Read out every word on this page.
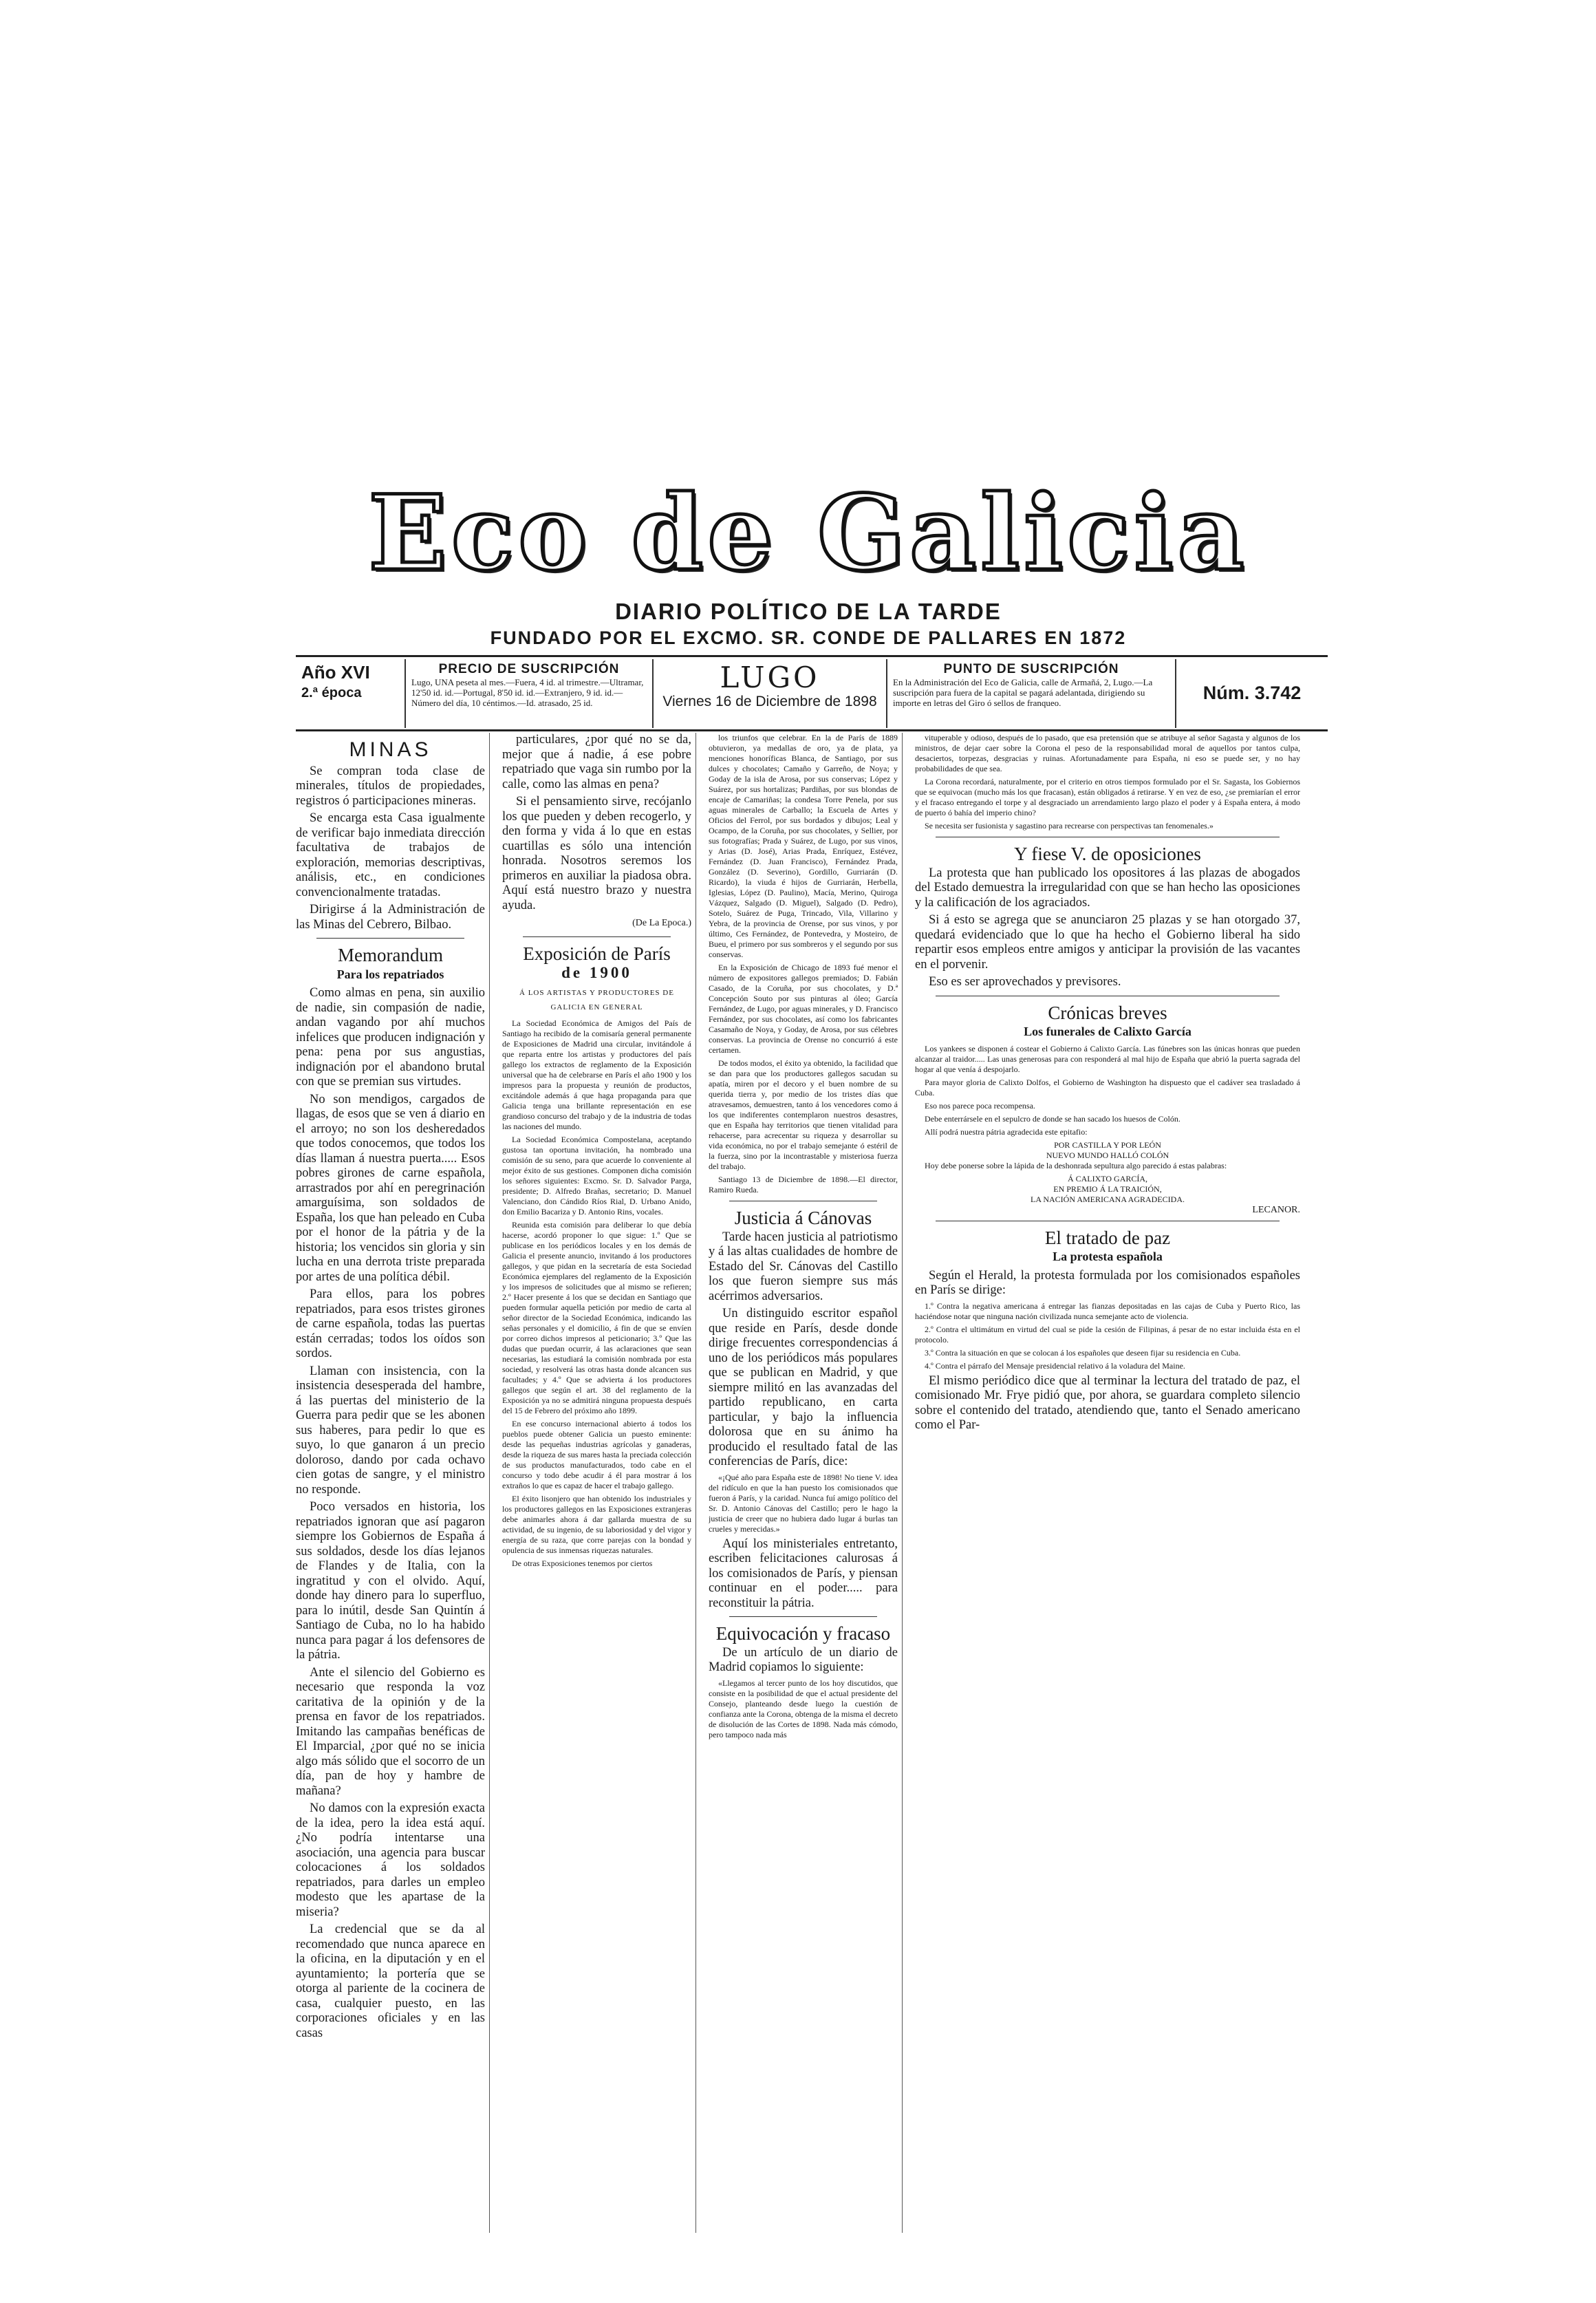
Eco de Galicia
DIARIO POLÍTICO DE LA TARDE
FUNDADO POR EL EXCMO. SR. CONDE DE PALLARES EN 1872
Año XVI
2.ª época
PRECIO DE SUSCRIPCIÓN
Lugo, UNA peseta al mes.—Fuera, 4 id. al trimestre.—Ultramar, 12'50 id. id.—Portugal, 8'50 id. id.—Extranjero, 9 id. id.—Número del día, 10 céntimos.—Id. atrasado, 25 id.
LUGO
Viernes 16 de Diciembre de 1898
PUNTO DE SUSCRIPCIÓN
En la Administración del Eco de Galicia, calle de Armañá, 2, Lugo.—La suscripción para fuera de la capital se pagará adelantada, dirigiendo su importe en letras del Giro ó sellos de franqueo.	Núm. 3.742
MINAS

Se compran toda clase de minerales, títulos de propiedades, registros ó participaciones mineras.

Se encarga esta Casa igualmente de verificar bajo inmediata dirección facultativa de trabajos de exploración, memorias descriptivas, análisis, etc., en condiciones convencionalmente tratadas.

Dirigirse á la Administración de las Minas del Cebrero, Bilbao.

Memorandum
Para los repatriados

Como almas en pena, sin auxilio de nadie, sin compasión de nadie, andan vagando por ahí muchos infelices que producen indignación y pena: pena por sus angustias, indignación por el abandono brutal con que se premian sus virtudes.

No son mendigos, cargados de llagas, de esos que se ven á diario en el arroyo; no son los desheredados que todos conocemos, que todos los días llaman á nuestra puerta..... Esos pobres girones de carne española, arrastrados por ahí en peregrinación amarguísima, son soldados de España, los que han peleado en Cuba por el honor de la pátria y de la historia; los vencidos sin gloria y sin lucha en una derrota triste preparada por artes de una política débil.

Para ellos, para los pobres repatriados, para esos tristes girones de carne española, todas las puertas están cerradas; todos los oídos son sordos.

Llaman con insistencia, con la insistencia desesperada del hambre, á las puertas del ministerio de la Guerra para pedir que se les abonen sus haberes, para pedir lo que es suyo, lo que ganaron á un precio doloroso, dando por cada ochavo cien gotas de sangre, y el ministro no responde.

Poco versados en historia, los repatriados ignoran que así pagaron siempre los Gobiernos de España á sus soldados, desde los días lejanos de Flandes y de Italia, con la ingratitud y con el olvido. Aquí, donde hay dinero para lo superfluo, para lo inútil, desde San Quintín á Santiago de Cuba, no lo ha habido nunca para pagar á los defensores de la pátria.

Ante el silencio del Gobierno es necesario que responda la voz caritativa de la opinión y de la prensa en favor de los repatriados. Imitando las campañas benéficas de El Imparcial, ¿por qué no se inicia algo más sólido que el socorro de un día, pan de hoy y hambre de mañana?

No damos con la expresión exacta de la idea, pero la idea está aquí. ¿No podría intentarse una asociación, una agencia para buscar colocaciones á los soldados repatriados, para darles un empleo modesto que les apartase de la miseria?

La credencial que se da al recomendado que nunca aparece en la oficina, en la diputación y en el ayuntamiento; la portería que se otorga al pariente de la cocinera de casa, cualquier puesto, en las corporaciones oficiales y en las casas

particulares, ¿por qué no se da, mejor que á nadie, á ese pobre repatriado que vaga sin rumbo por la calle, como las almas en pena?

Si el pensamiento sirve, recójanlo los que pueden y deben recogerlo, y den forma y vida á lo que en estas cuartillas es sólo una intención honrada. Nosotros seremos los primeros en auxiliar la piadosa obra. Aquí está nuestro brazo y nuestra ayuda.

(De La Epoca.)
Exposición de París
de 1900
Á LOS ARTISTAS Y PRODUCTORES DE GALICIA EN GENERAL

La Sociedad Económica de Amigos del País de Santiago ha recibido de la comisaría general permanente de Exposiciones de Madrid una circular, invitándole á que reparta entre los artistas y productores del país gallego los extractos de reglamento de la Exposición universal que ha de celebrarse en París el año 1900 y los impresos para la propuesta y reunión de productos, excitándole además á que haga propaganda para que Galicia tenga una brillante representación en ese grandioso concurso del trabajo y de la industria de todas las naciones del mundo.

La Sociedad Económica Compostelana, aceptando gustosa tan oportuna invitación, ha nombrado una comisión de su seno, para que acuerde lo conveniente al mejor éxito de sus gestiones. Componen dicha comisión los señores siguientes: Excmo. Sr. D. Salvador Parga, presidente; D. Alfredo Brañas, secretario; D. Manuel Valenciano, don Cándido Ríos Rial, D. Urbano Anido, don Emilio Bacariza y D. Antonio Rins, vocales.

Reunida esta comisión para deliberar lo que debía hacerse, acordó proponer lo que sigue: 1.º Que se publicase en los periódicos locales y en los demás de Galicia el presente anuncio, invitando á los productores gallegos, y que pidan en la secretaría de esta Sociedad Económica ejemplares del reglamento de la Exposición y los impresos de solicitudes que al mismo se refieren; 2.º Hacer presente á los que se decidan en Santiago que pueden formular aquella petición por medio de carta al señor director de la Sociedad Económica, indicando las señas personales y el domicilio, á fin de que se envíen por correo dichos impresos al peticionario; 3.º Que las dudas que puedan ocurrir, á las aclaraciones que sean necesarias, las estudiará la comisión nombrada por esta sociedad, y resolverá las otras hasta donde alcancen sus facultades; y 4.º Que se advierta á los productores gallegos que según el art. 38 del reglamento de la Exposición ya no se admitirá ninguna propuesta después del 15 de Febrero del próximo año 1899.

En ese concurso internacional abierto á todos los pueblos puede obtener Galicia un puesto eminente: desde las pequeñas industrias agrícolas y ganaderas, desde la riqueza de sus mares hasta la preciada colección de sus productos manufacturados, todo cabe en el concurso y todo debe acudir á él para mostrar á los extraños lo que es capaz de hacer el trabajo gallego.

El éxito lisonjero que han obtenido los industriales y los productores gallegos en las Exposiciones extranjeras debe animarles ahora á dar gallarda muestra de su actividad, de su ingenio, de su laboriosidad y del vigor y energía de su raza, que corre parejas con la bondad y opulencia de sus inmensas riquezas naturales.

De otras Exposiciones tenemos por ciertos

los triunfos que celebrar. En la de París de 1889 obtuvieron, ya medallas de oro, ya de plata, ya menciones honoríficas Blanca, de Santiago, por sus dulces y chocolates; Camaño y Garreño, de Noya; y Goday de la isla de Arosa, por sus conservas; López y Suárez, por sus hortalizas; Pardiñas, por sus blondas de encaje de Camariñas; la condesa Torre Penela, por sus aguas minerales de Carballo; la Escuela de Artes y Oficios del Ferrol, por sus bordados y dibujos; Leal y Ocampo, de la Coruña, por sus chocolates, y Sellier, por sus fotografías; Prada y Suárez, de Lugo, por sus vinos, y Arias (D. José), Arias Prada, Enríquez, Estévez, Fernández (D. Juan Francisco), Fernández Prada, González (D. Severino), Gordillo, Gurriarán (D. Ricardo), la viuda é hijos de Gurriarán, Herbella, Iglesias, López (D. Paulino), Macía, Merino, Quiroga Vázquez, Salgado (D. Miguel), Salgado (D. Pedro), Sotelo, Suárez de Puga, Trincado, Vila, Villarino y Yebra, de la provincia de Orense, por sus vinos, y por último, Ces Fernández, de Pontevedra, y Mosteiro, de Bueu, el primero por sus sombreros y el segundo por sus conservas.

En la Exposición de Chicago de 1893 fué menor el número de expositores gallegos premiados; D. Fabián Casado, de la Coruña, por sus chocolates, y D.ª Concepción Souto por sus pinturas al óleo; García Fernández, de Lugo, por aguas minerales, y D. Francisco Fernández, por sus chocolates, así como los fabricantes Casamaño de Noya, y Goday, de Arosa, por sus célebres conservas. La provincia de Orense no concurrió á este certamen.

De todos modos, el éxito ya obtenido, la facilidad que se dan para que los productores gallegos sacudan su apatía, miren por el decoro y el buen nombre de su querida tierra y, por medio de los tristes días que atravesamos, demuestren, tanto á los vencedores como á los que indiferentes contemplaron nuestros desastres, que en España hay territorios que tienen vitalidad para rehacerse, para acrecentar su riqueza y desarrollar su vida económica, no por el trabajo semejante ó estéril de la fuerza, sino por la incontrastable y misteriosa fuerza del trabajo.

Santiago 13 de Diciembre de 1898.—El director, Ramiro Rueda.

Justicia á Cánovas

Tarde hacen justicia al patriotismo y á las altas cualidades de hombre de Estado del Sr. Cánovas del Castillo los que fueron siempre sus más acérrimos adversarios.

Un distinguido escritor español que reside en París, desde donde dirige frecuentes correspondencias á uno de los periódicos más populares que se publican en Madrid, y que siempre militó en las avanzadas del partido republicano, en carta particular, y bajo la influencia dolorosa que en su ánimo ha producido el resultado fatal de las conferencias de París, dice:

«¡Qué año para España este de 1898! No tiene V. idea del ridículo en que la han puesto los comisionados que fueron á París, y la caridad. Nunca fuí amigo político del Sr. D. Antonio Cánovas del Castillo; pero le hago la justicia de creer que no hubiera dado lugar á burlas tan crueles y merecidas.»

Aquí los ministeriales entretanto, escriben felicitaciones calurosas á los comisionados de París, y piensan continuar en el poder..... para reconstituir la pátria.

Equivocación y fracaso

De un artículo de un diario de Madrid copiamos lo siguiente:

«Llegamos al tercer punto de los hoy discutidos, que consiste en la posibilidad de que el actual presidente del Consejo, planteando desde luego la cuestión de confianza ante la Corona, obtenga de la misma el decreto de disolución de las Cortes de 1898. Nada más cómodo, pero tampoco nada más

vituperable y odioso, después de lo pasado, que esa pretensión que se atribuye al señor Sagasta y algunos de los ministros, de dejar caer sobre la Corona el peso de la responsabilidad moral de aquellos por tantos culpa, desaciertos, torpezas, desgracias y ruinas. Afortunadamente para España, ni eso se puede ser, y no hay probabilidades de que sea.

La Corona recordará, naturalmente, por el criterio en otros tiempos formulado por el Sr. Sagasta, los Gobiernos que se equivocan (mucho más los que fracasan), están obligados á retirarse. Y en vez de eso, ¿se premiarían el error y el fracaso entregando el torpe y al desgraciado un arrendamiento largo plazo el poder y á España entera, á modo de puerto ó bahía del imperio chino?

Se necesita ser fusionista y sagastino para recrearse con perspectivas tan fenomenales.»

Y fiese V. de oposiciones

La protesta que han publicado los opositores á las plazas de abogados del Estado demuestra la irregularidad con que se han hecho las oposiciones y la calificación de los agraciados.

Si á esto se agrega que se anunciaron 25 plazas y se han otorgado 37, quedará evidenciado que lo que ha hecho el Gobierno liberal ha sido repartir esos empleos entre amigos y anticipar la provisión de las vacantes en el porvenir.

Eso es ser aprovechados y previsores.

Crónicas breves
Los funerales de Calixto García

Los yankees se disponen á costear el Gobierno á Calixto García. Las fúnebres son las únicas honras que pueden alcanzar al traidor..... Las unas generosas para con responderá al mal hijo de España que abrió la puerta sagrada del hogar al que venía á despojarlo.

Para mayor gloria de Calixto Dolfos, el Gobierno de Washington ha dispuesto que el cadáver sea trasladado á Cuba.

Eso nos parece poca recompensa.

Debe enterrársele en el sepulcro de donde se han sacado los huesos de Colón.

Allí podrá nuestra pátria agradecida este epitafio:

POR CASTILLA Y POR LEÓN
NUEVO MUNDO HALLÓ COLÓN

Hoy debe ponerse sobre la lápida de la deshonrada sepultura algo parecido á estas palabras:

Á CALIXTO GARCÍA,
EN PREMIO Á LA TRAICIÓN,
LA NACIÓN AMERICANA AGRADECIDA.
LECANOR.
El tratado de paz
La protesta española

Según el Herald, la protesta formulada por los comisionados españoles en París se dirige:

1.º Contra la negativa americana á entregar las fianzas depositadas en las cajas de Cuba y Puerto Rico, las haciéndose notar que ninguna nación civilizada nunca semejante acto de violencia.

2.º Contra el ultimátum en virtud del cual se pide la cesión de Filipinas, á pesar de no estar incluida ésta en el protocolo.

3.º Contra la situación en que se colocan á los españoles que deseen fijar su residencia en Cuba.

4.º Contra el párrafo del Mensaje presidencial relativo á la voladura del Maine.

El mismo periódico dice que al terminar la lectura del tratado de paz, el comisionado Mr. Frye pidió que, por ahora, se guardara completo silencio sobre el contenido del tratado, atendiendo que, tanto el Senado americano como el Par-
